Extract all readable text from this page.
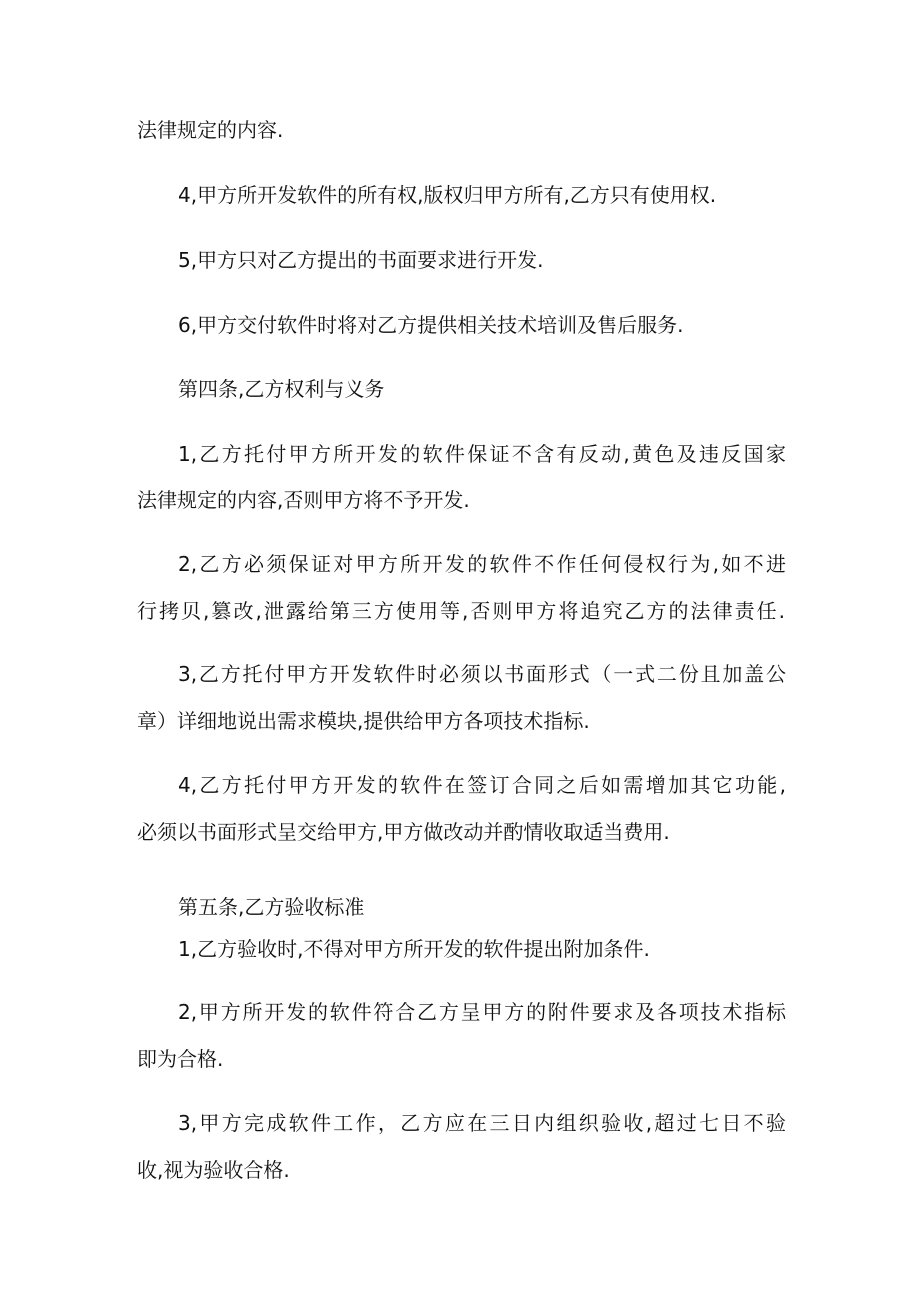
法律规定的内容.
4,甲方所开发软件的所有权,版权归甲方所有,乙方只有使用权.
5,甲方只对乙方提出的书面要求进行开发.
6,甲方交付软件时将对乙方提供相关技术培训及售后服务.
第四条,乙方权利与义务
1,乙方托付甲方所开发的软件保证不含有反动,黄色及违反国家
法律规定的内容,否则甲方将不予开发.
2,乙方必须保证对甲方所开发的软件不作任何侵权行为,如不进
行拷贝,篡改,泄露给第三方使用等,否则甲方将追究乙方的法律责任.
3,乙方托付甲方开发软件时必须以书面形式（一式二份且加盖公
章）详细地说出需求模块,提供给甲方各项技术指标.
4,乙方托付甲方开发的软件在签订合同之后如需增加其它功能,
必须以书面形式呈交给甲方,甲方做改动并酌情收取适当费用.
第五条,乙方验收标准
1,乙方验收时,不得对甲方所开发的软件提出附加条件.
2,甲方所开发的软件符合乙方呈甲方的附件要求及各项技术指标
即为合格.
3,甲方完成软件工作，乙方应在三日内组织验收,超过七日不验
收,视为验收合格.
